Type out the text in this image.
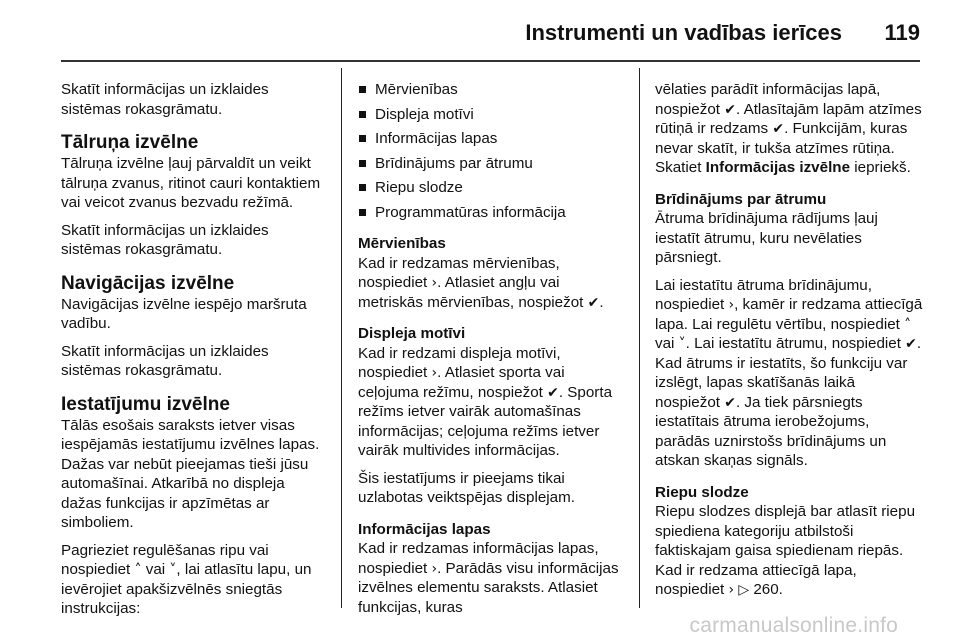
Instrumenti un vadības ierīces 119

Skatīt informācijas un izklaides sistēmas rokasgrāmatu.

Tālruņa izvēlne

Tālruņa izvēlne ļauj pārvaldīt un veikt tālruņa zvanus, ritinot cauri kontaktiem vai veicot zvanus bezvadu režīmā.

Skatīt informācijas un izklaides sistēmas rokasgrāmatu.

Navigācijas izvēlne

Navigācijas izvēlne iespējo maršruta vadību.

Skatīt informācijas un izklaides sistēmas rokasgrāmatu.

Iestatījumu izvēlne

Tālās esošais saraksts ietver visas iespējamās iestatījumu izvēlnes lapas. Dažas var nebūt pieejamas tieši jūsu automašīnai. Atkarībā no displeja dažas funkcijas ir apzīmētas ar simboliem.

Pagrieziet regulēšanas ripu vai nospiediet ˄ vai ˅, lai atlasītu lapu, un ievērojiet apakšizvēlnēs sniegtās instrukcijas:

Mērvienības
Displeja motīvi
Informācijas lapas
Brīdinājums par ātrumu
Riepu slodze
Programmatūras informācija
Mērvienības

Kad ir redzamas mērvienības, nospiediet ›. Atlasiet angļu vai metriskās mērvienības, nospiežot ✔.

Displeja motīvi

Kad ir redzami displeja motīvi, nospiediet ›. Atlasiet sporta vai ceļojuma režīmu, nospiežot ✔. Sporta režīms ietver vairāk automašīnas informācijas; ceļojuma režīms ietver vairāk multivides informācijas.

Šis iestatījums ir pieejams tikai uzlabotas veiktspējas displejam.

Informācijas lapas

Kad ir redzamas informācijas lapas, nospiediet ›. Parādās visu informācijas izvēlnes elementu saraksts. Atlasiet funkcijas, kuras

vēlaties parādīt informācijas lapā, nospiežot ✔. Atlasītajām lapām atzīmes rūtiņā ir redzams ✔. Funkcijām, kuras nevar skatīt, ir tukša atzīmes rūtiņa. Skatiet Informācijas izvēlne iepriekš.

Brīdinājums par ātrumu

Ātruma brīdinājuma rādījums ļauj iestatīt ātrumu, kuru nevēlaties pārsniegt.

Lai iestatītu ātruma brīdinājumu, nospiediet ›, kamēr ir redzama attiecīgā lapa. Lai regulētu vērtību, nospiediet ˄ vai ˅. Lai iestatītu ātrumu, nospiediet ✔. Kad ātrums ir iestatīts, šo funkciju var izslēgt, lapas skatīšanās laikā nospiežot ✔. Ja tiek pārsniegts iestatītais ātruma ierobežojums, parādās uznirstošs brīdinājums un atskan skaņas signāls.

Riepu slodze

Riepu slodzes displejā bar atlasīt riepu spiediena kategoriju atbilstoši faktiskajam gaisa spiedienam riepās. Kad ir redzama attiecīgā lapa, nospiediet › ▷ 260.

carmanualsonline.info
